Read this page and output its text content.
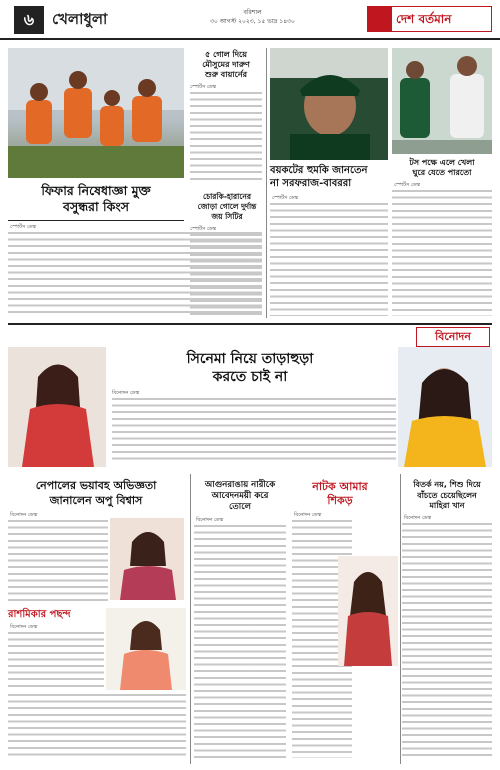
৬	খেলাধুলা	বরিশাল
৩০ আগস্ট ২০২৩, ১৫ ভাদ্র ১৪৩০	দেশ বর্তমান
ফিফার নিষেধাজ্ঞা মুক্ত
বসুন্ধরা কিংস
স্পোর্টস ডেস্ক
৫ গোল দিয়ে
মৌসুমের দারুণ
শুরু বায়ার্নের
স্পোর্টস ডেস্ক
চোরকি-হারানের
জোড়া গোলে দুর্দান্ত
জয় সিটির
স্পোর্টস ডেস্ক
বয়কটের হুমকি জানতেন
না সরফরাজ-বাবররা
স্পোর্টস ডেস্ক
টস পক্ষে এলে খেলা
ঘুরে যেতে পারতো
স্পোর্টস ডেস্ক
বিনোদন
সিনেমা নিয়ে তাড়াহুড়া
করতে চাই না
বিনোদন ডেস্ক
নেপালের ভয়াবহ অভিজ্ঞতা
জানালেন অপু বিশ্বাস
বিনোদন ডেস্ক
রাশমিকার পছন্দ
বিনোদন ডেস্ক
আগুনরাঙায় নারীকে
আবেদনময়ী করে
তোলে
বিনোদন ডেস্ক
নাটক আমার
শিকড়
বিনোদন ডেস্ক
বিতর্ক নয়, শিশু দিয়ে
বাঁচতে চেয়েছিলেন
মাহিরা খান
বিনোদন ডেস্ক
